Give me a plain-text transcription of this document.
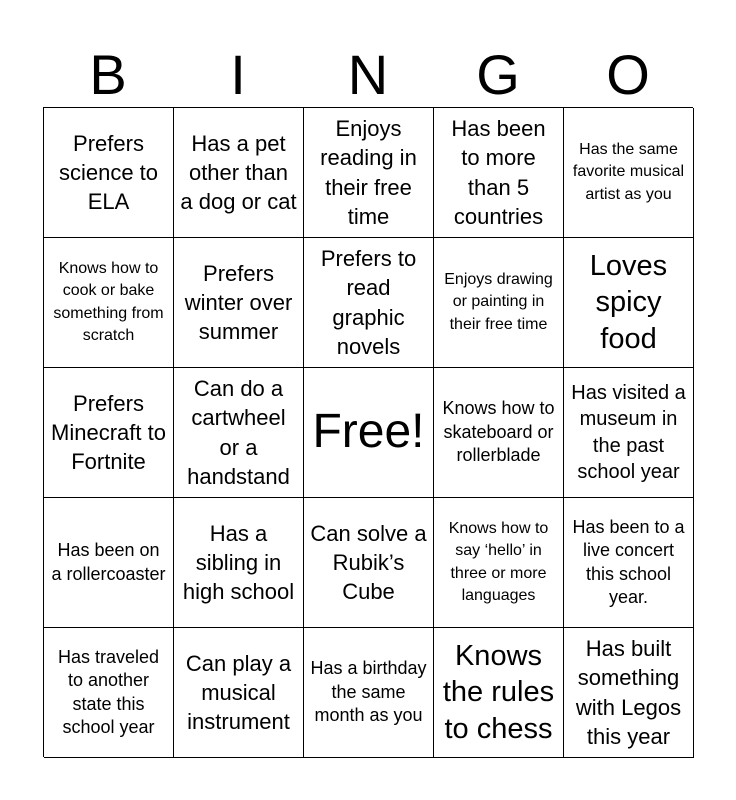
B	I	N	G	O
Prefers science to ELA
Has a pet other than a dog or cat
Enjoys reading in their free time
Has been to more than 5 countries
Has the same favorite musical artist as you
Knows how to cook or bake something from scratch
Prefers winter over summer
Prefers to read graphic novels
Enjoys drawing or painting in their free time
Loves spicy food
Prefers Minecraft to Fortnite
Can do a cartwheel or a handstand
Free! Knows how to skateboard or rollerblade
Has visited a museum in the past school year
Has been on a rollercoaster
Has a sibling in high school
Can solve a Rubik’s Cube
Knows how to say ‘hello’ in three or more languages
Has been to a live concert this school year.
Has traveled to another state this school year
Can play a musical instrument
Has a birthday the same month as you
Knows the rules to chess
Has built something with Legos this year
